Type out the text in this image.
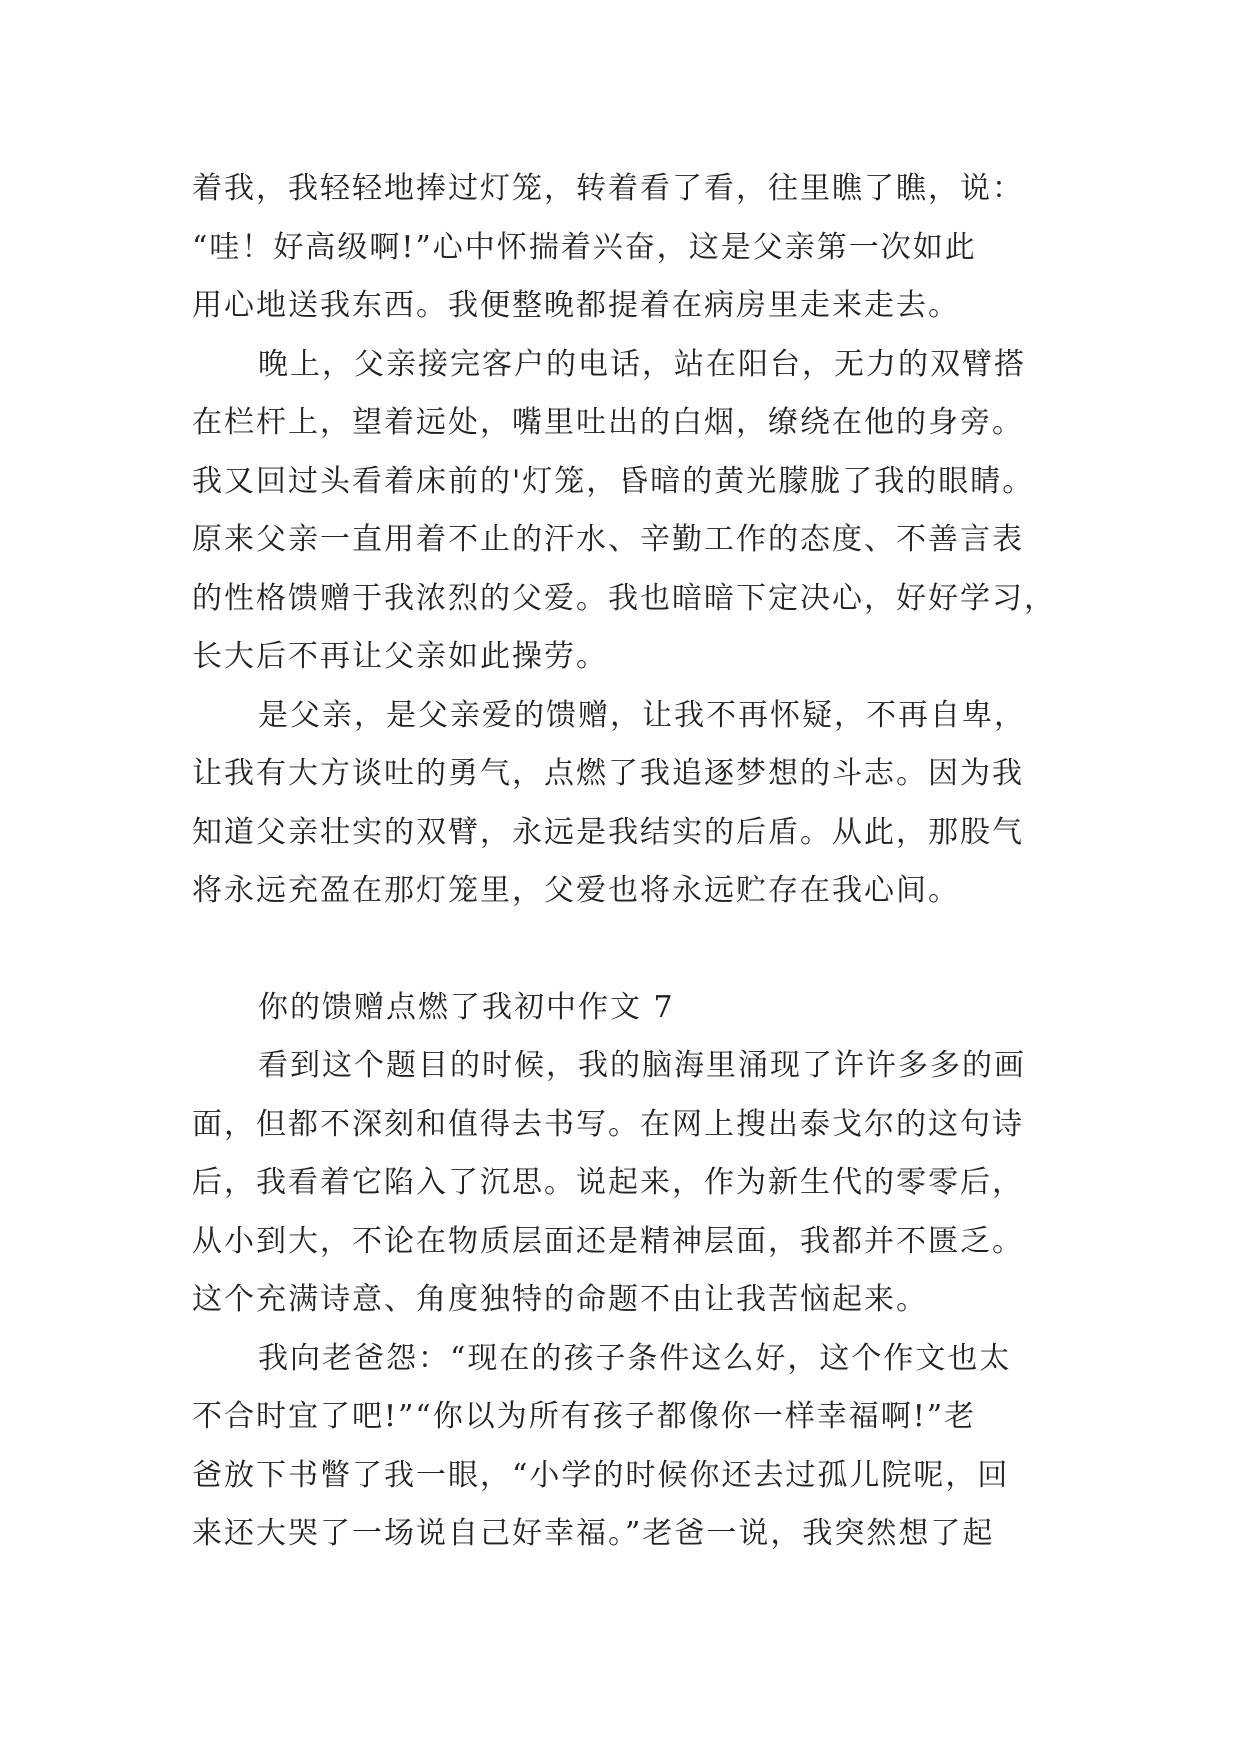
着我，我轻轻地捧过灯笼，转着看了看，往里瞧了瞧，说：
“哇！好高级啊!”心中怀揣着兴奋，这是父亲第一次如此
用心地送我东西。我便整晚都提着在病房里走来走去。
晚上，父亲接完客户的电话，站在阳台，无力的双臂搭
在栏杆上，望着远处，嘴里吐出的白烟，缭绕在他的身旁。
我又回过头看着床前的'灯笼，昏暗的黄光朦胧了我的眼睛。
原来父亲一直用着不止的汗水、辛勤工作的态度、不善言表
的性格馈赠于我浓烈的父爱。我也暗暗下定决心，好好学习，
长大后不再让父亲如此操劳。
是父亲，是父亲爱的馈赠，让我不再怀疑，不再自卑，
让我有大方谈吐的勇气，点燃了我追逐梦想的斗志。因为我
知道父亲壮实的双臂，永远是我结实的后盾。从此，那股气
将永远充盈在那灯笼里，父爱也将永远贮存在我心间。
你的馈赠点燃了我初中作文 7
看到这个题目的时候，我的脑海里涌现了许许多多的画
面，但都不深刻和值得去书写。在网上搜出泰戈尔的这句诗
后，我看着它陷入了沉思。说起来，作为新生代的零零后，
从小到大，不论在物质层面还是精神层面，我都并不匮乏。
这个充满诗意、角度独特的命题不由让我苦恼起来。
我向老爸怨：“现在的孩子条件这么好，这个作文也太
不合时宜了吧!”“你以为所有孩子都像你一样幸福啊!”老
爸放下书瞥了我一眼，“小学的时候你还去过孤儿院呢，回
来还大哭了一场说自己好幸福。”老爸一说，我突然想了起
